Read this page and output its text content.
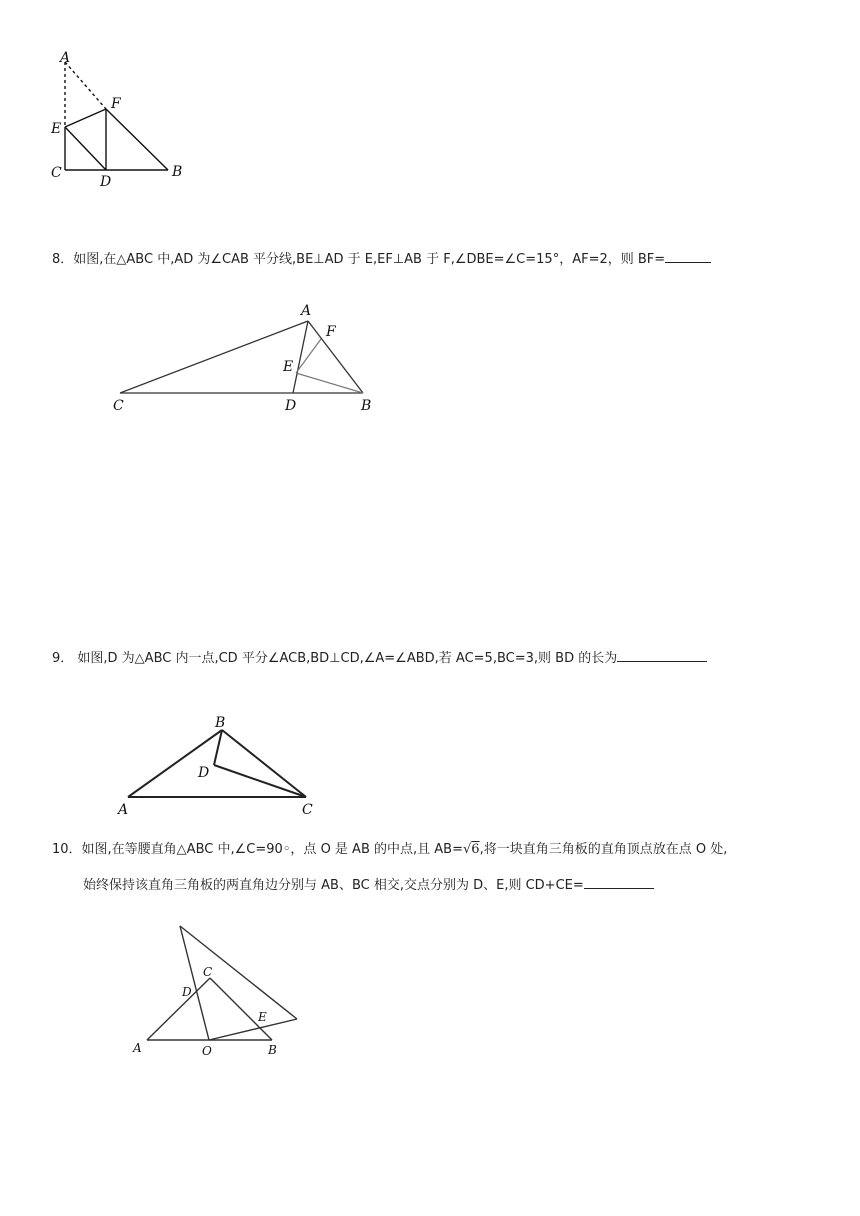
A
F
E
C
D
B
8．如图,在△ABC 中,AD 为∠CAB 平分线,BE⊥AD 于 E,EF⊥AB 于 F,∠DBE=∠C=15°，AF=2，则 BF=
A
F
E
C	D	B
9． 如图,D 为△ABC 内一点,CD 平分∠ACB,BD⊥CD,∠A=∠ABD,若 AC=5,BC=3,则 BD 的长为
B
D
A	C
10．如图,在等腰直角△ABC 中,∠C=90◦，点 O 是 AB 的中点,且 AB=√6,将一块直角三角板的直角顶点放在点 O 处,
始终保持该直角三角板的两直角边分别与 AB、BC 相交,交点分别为 D、E,则 CD+CE=
C
D
E
A	O	B
